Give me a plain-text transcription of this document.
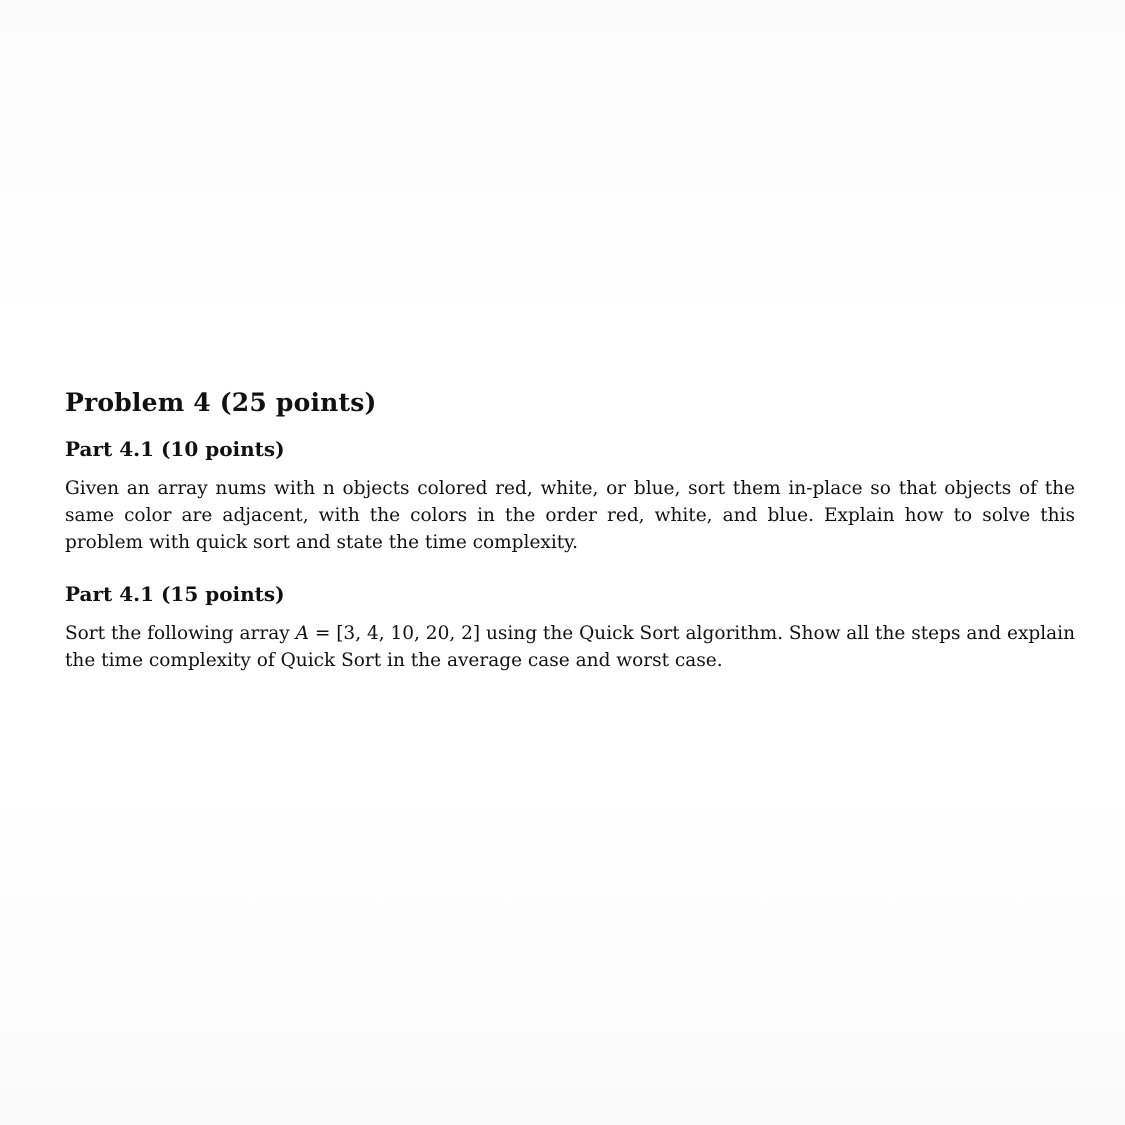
Problem 4 (25 points)
Part 4.1 (10 points)

Given an array nums with n objects colored red, white, or blue, sort them in-place so that objects of the same color are adjacent, with the colors in the order red, white, and blue. Explain how to solve this problem with quick sort and state the time complexity.

Part 4.1 (15 points)

Sort the following array A = [3, 4, 10, 20, 2] using the Quick Sort algorithm. Show all the steps and explain the time complexity of Quick Sort in the average case and worst case.
